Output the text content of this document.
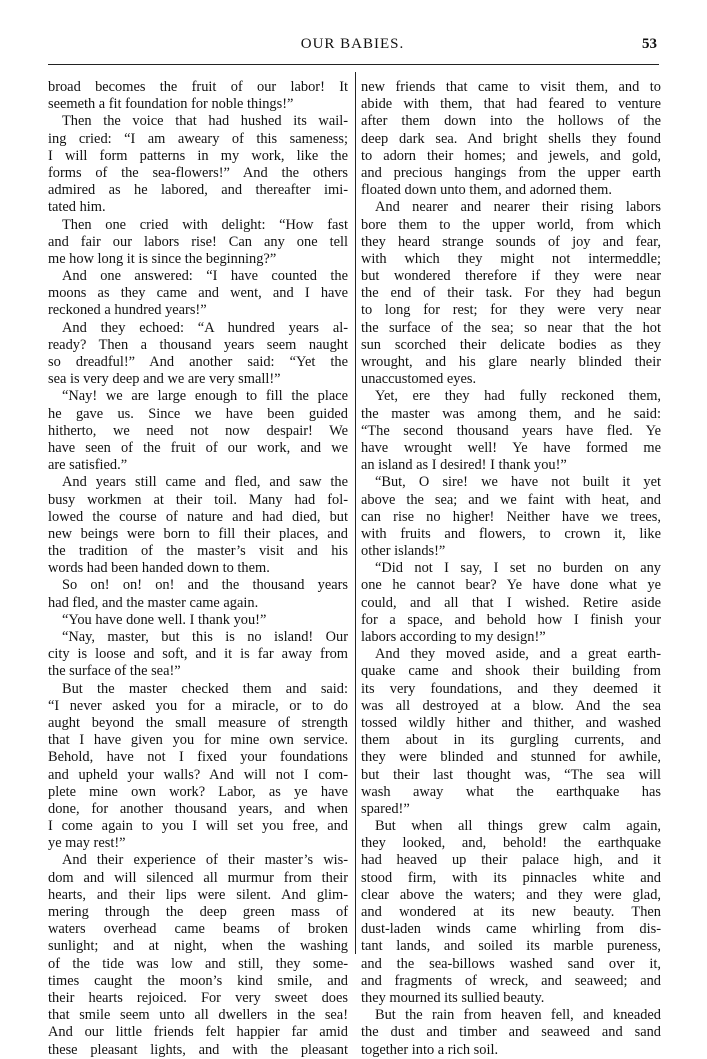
OUR BABIES.	53
broad becomes the fruit of our labor! It
seemeth a fit foundation for noble things!”
Then the voice that had hushed its wail-
ing cried: “I am aweary of this sameness;
I will form patterns in my work, like the
forms of the sea-flowers!” And the others
admired as he labored, and thereafter imi-
tated him.
Then one cried with delight: “How fast
and fair our labors rise! Can any one tell
me how long it is since the beginning?”
And one answered: “I have counted the
moons as they came and went, and I have
reckoned a hundred years!”
And they echoed: “A hundred years al-
ready? Then a thousand years seem naught
so dreadful!” And another said: “Yet the
sea is very deep and we are very small!”
“Nay! we are large enough to fill the place
he gave us. Since we have been guided
hitherto, we need not now despair! We
have seen of the fruit of our work, and we
are satisfied.”
And years still came and fled, and saw the
busy workmen at their toil. Many had fol-
lowed the course of nature and had died, but
new beings were born to fill their places, and
the tradition of the master’s visit and his
words had been handed down to them.
So on! on! on! and the thousand years
had fled, and the master came again.
“You have done well. I thank you!”
“Nay, master, but this is no island! Our
city is loose and soft, and it is far away from
the surface of the sea!”
But the master checked them and said:
“I never asked you for a miracle, or to do
aught beyond the small measure of strength
that I have given you for mine own service.
Behold, have not I fixed your foundations
and upheld your walls? And will not I com-
plete mine own work? Labor, as ye have
done, for another thousand years, and when
I come again to you I will set you free, and
ye may rest!”
And their experience of their master’s wis-
dom and will silenced all murmur from their
hearts, and their lips were silent. And glim-
mering through the deep green mass of
waters overhead came beams of broken
sunlight; and at night, when the washing
of the tide was low and still, they some-
times caught the moon’s kind smile, and
their hearts rejoiced. For very sweet does
that smile seem unto all dwellers in the sea!
And our little friends felt happier far amid
these pleasant lights, and with the pleasant
new friends that came to visit them, and to
abide with them, that had feared to venture
after them down into the hollows of the
deep dark sea. And bright shells they found
to adorn their homes; and jewels, and gold,
and precious hangings from the upper earth
floated down unto them, and adorned them.
And nearer and nearer their rising labors
bore them to the upper world, from which
they heard strange sounds of joy and fear,
with which they might not intermeddle;
but wondered therefore if they were near
the end of their task. For they had begun
to long for rest; for they were very near
the surface of the sea; so near that the hot
sun scorched their delicate bodies as they
wrought, and his glare nearly blinded their
unaccustomed eyes.
Yet, ere they had fully reckoned them,
the master was among them, and he said:
“The second thousand years have fled. Ye
have wrought well! Ye have formed me
an island as I desired! I thank you!”
“But, O sire! we have not built it yet
above the sea; and we faint with heat, and
can rise no higher! Neither have we trees,
with fruits and flowers, to crown it, like
other islands!”
“Did not I say, I set no burden on any
one he cannot bear? Ye have done what ye
could, and all that I wished. Retire aside
for a space, and behold how I finish your
labors according to my design!”
And they moved aside, and a great earth-
quake came and shook their building from
its very foundations, and they deemed it
was all destroyed at a blow. And the sea
tossed wildly hither and thither, and washed
them about in its gurgling currents, and
they were blinded and stunned for awhile,
but their last thought was, “The sea will
wash away what the earthquake has
spared!”
But when all things grew calm again,
they looked, and, behold! the earthquake
had heaved up their palace high, and it
stood firm, with its pinnacles white and
clear above the waters; and they were glad,
and wondered at its new beauty. Then
dust-laden winds came whirling from dis-
tant lands, and soiled its marble pureness,
and the sea-billows washed sand over it,
and fragments of wreck, and seaweed; and
they mourned its sullied beauty.
But the rain from heaven fell, and kneaded
the dust and timber and seaweed and sand
together into a rich soil.
